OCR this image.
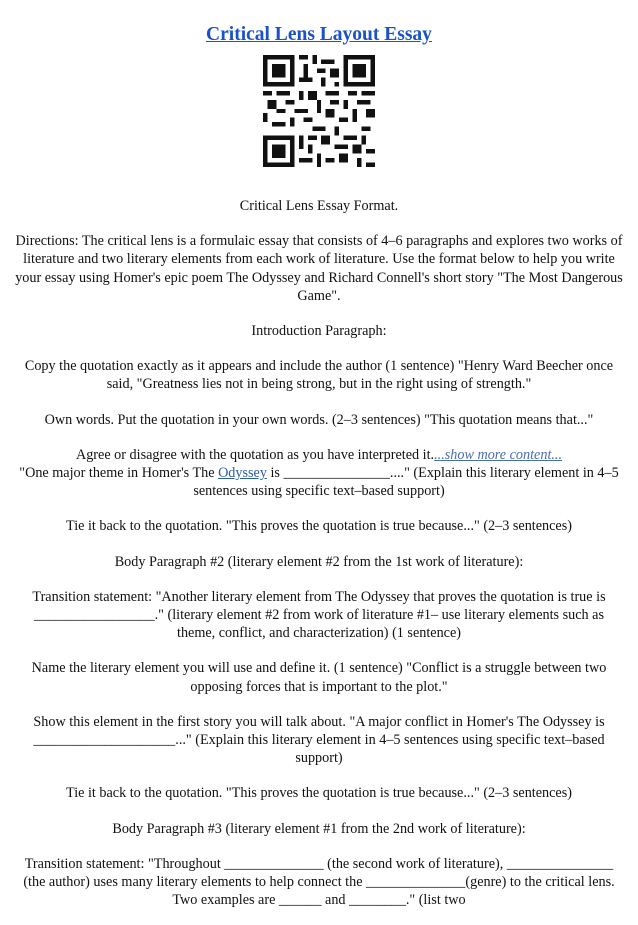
Critical Lens Layout Essay
Critical Lens Essay Format.
Directions: The critical lens is a formulaic essay that consists of 4–6 paragraphs and explores two works of literature and two literary elements from each work of literature. Use the format below to help you write your essay using Homer's epic poem The Odyssey and Richard Connell's short story "The Most Dangerous Game".
Introduction Paragraph:
Copy the quotation exactly as it appears and include the author (1 sentence) "Henry Ward Beecher once said, "Greatness lies not in being strong, but in the right using of strength."
Own words. Put the quotation in your own words. (2–3 sentences) "This quotation means that..."
Agree or disagree with the quotation as you have interpreted it....show more content...
"One major theme in Homer's The Odyssey is _______________...." (Explain this literary element in 4–5 sentences using specific text–based support)
Tie it back to the quotation. "This proves the quotation is true because..." (2–3 sentences)
Body Paragraph #2 (literary element #2 from the 1st work of literature):
Transition statement: "Another literary element from The Odyssey that proves the quotation is true is _________________." (literary element #2 from work of literature #1– use literary elements such as theme, conflict, and characterization) (1 sentence)
Name the literary element you will use and define it. (1 sentence) "Conflict is a struggle between two opposing forces that is important to the plot."
Show this element in the first story you will talk about. "A major conflict in Homer's The Odyssey is ____________________..." (Explain this literary element in 4–5 sentences using specific text–based support)
Tie it back to the quotation. "This proves the quotation is true because..." (2–3 sentences)
Body Paragraph #3 (literary element #1 from the 2nd work of literature):
Transition statement: "Throughout ______________ (the second work of literature), _______________ (the author) uses many literary elements to help connect the ______________(genre) to the critical lens. Two examples are ______ and ________." (list two
